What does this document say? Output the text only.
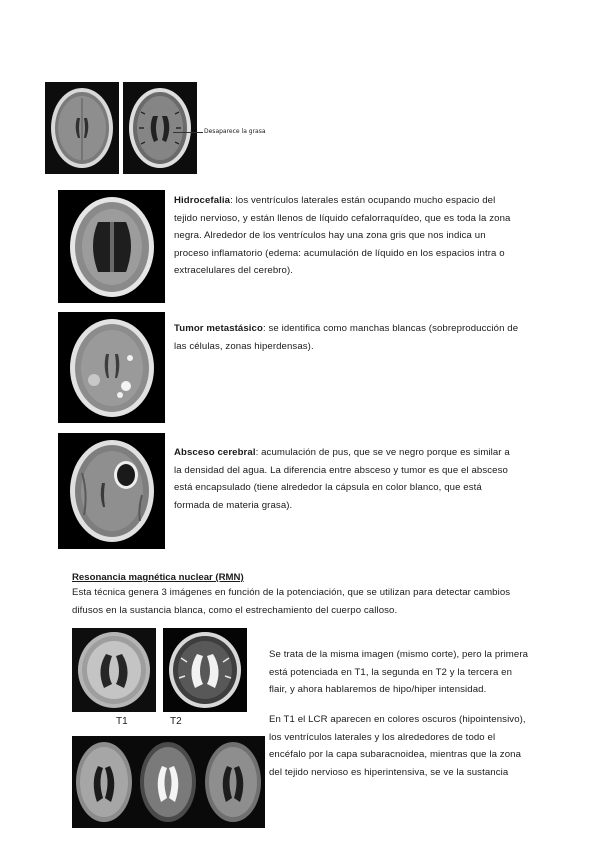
Desaparece la grasa
Hidrocefalia: los ventrículos laterales están ocupando mucho espacio del tejido nervioso, y están llenos de líquido cefalorraquídeo, que es toda la zona negra. Alrededor de los ventrículos hay una zona gris que nos indica un proceso inflamatorio (edema: acumulación de líquido en los espacios intra o extracelulares del cerebro).
Tumor metastásico: se identifica como manchas blancas (sobreproducción de las células, zonas hiperdensas).
Absceso cerebral: acumulación de pus, que se ve negro porque es similar a la densidad del agua. La diferencia entre absceso y tumor es que el absceso está encapsulado (tiene alrededor la cápsula en color blanco, que está formada de materia grasa).
Resonancia magnética nuclear (RMN)
Esta técnica genera 3 imágenes en función de la potenciación, que se utilizan para detectar cambios difusos en la sustancia blanca, como el estrechamiento del cuerpo calloso.
T1	T2
Se trata de la misma imagen (mismo corte), pero la primera está potenciada en T1, la segunda en T2 y la tercera en flair, y ahora hablaremos de hipo/hiper intensidad.
En T1 el LCR aparecen en colores oscuros (hipointensivo), los ventrículos laterales y los alrededores de todo el encéfalo por la capa subaracnoidea, mientras que la zona del tejido nervioso es hiperintensiva, se ve la sustancia
